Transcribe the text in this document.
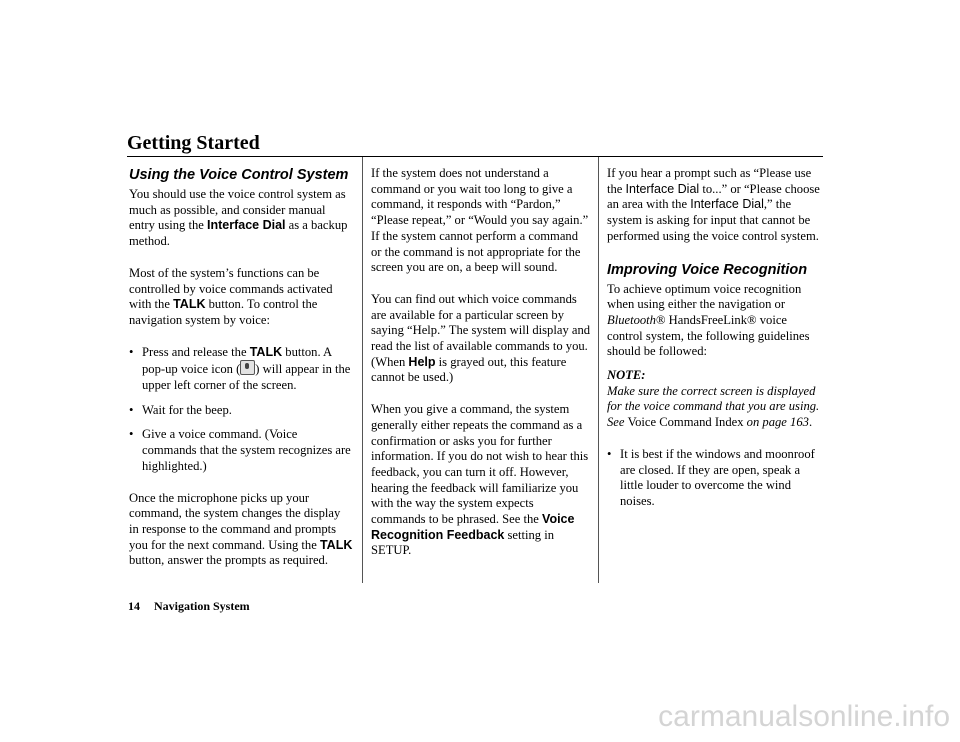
Getting Started
Using the Voice Control System

You should use the voice control system as much as possible, and consider manual entry using the Interface Dial as a backup method.

Most of the system’s functions can be controlled by voice commands activated with the TALK button. To control the navigation system by voice:

• Press and release the TALK button. A pop-up voice icon ( ) will appear in the upper left corner of the screen.
• Wait for the beep.
• Give a voice command. (Voice commands that the system recognizes are highlighted.)

Once the microphone picks up your command, the system changes the display in response to the command and prompts you for the next command. Using the TALK button, answer the prompts as required.

If the system does not understand a command or you wait too long to give a command, it responds with “Pardon,” “Please repeat,” or “Would you say again.” If the system cannot perform a command or the command is not appropriate for the screen you are on, a beep will sound.

You can find out which voice commands are available for a particular screen by saying “Help.” The system will display and read the list of available commands to you. (When Help is grayed out, this feature cannot be used.)

When you give a command, the system generally either repeats the command as a confirmation or asks you for further information. If you do not wish to hear this feedback, you can turn it off. However, hearing the feedback will familiarize you with the way the system expects commands to be phrased. See the Voice Recognition Feedback setting in SETUP.

If you hear a prompt such as “Please use the Interface Dial to...” or “Please choose an area with the Interface Dial,” the system is asking for input that cannot be performed using the voice control system.

Improving Voice Recognition

To achieve optimum voice recognition when using either the navigation or Bluetooth® HandsFreeLink® voice control system, the following guidelines should be followed:

NOTE:

Make sure the correct screen is displayed for the voice command that you are using. See Voice Command Index on page 163.

• It is best if the windows and moonroof are closed. If they are open, speak a little louder to overcome the wind noises.
14 Navigation System
carmanualsonline.info
